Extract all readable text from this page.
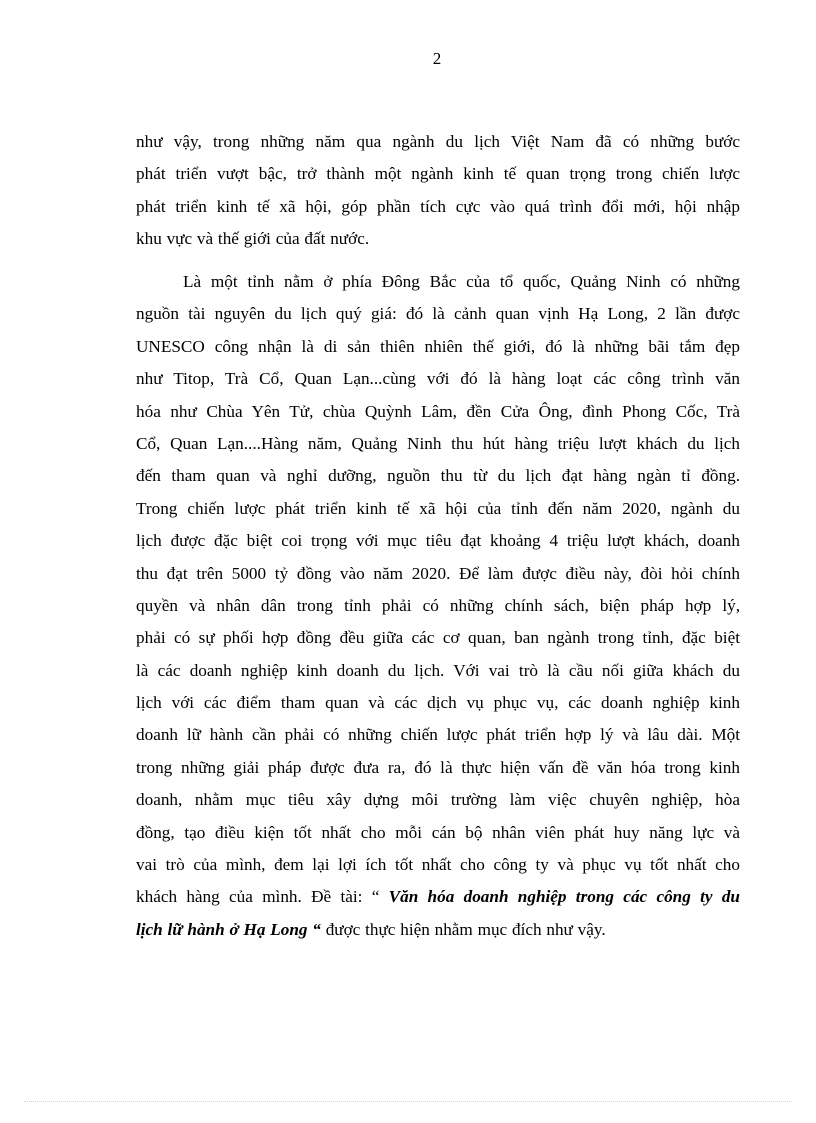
2
như vậy, trong những năm qua ngành du lịch Việt Nam đã có những bước
phát triển vượt bậc, trở thành một ngành kinh tế quan trọng trong chiến lược
phát triển kinh tế xã hội, góp phần tích cực vào quá trình đổi mới, hội nhập
khu vực và thế giới của đất nước.
Là một tỉnh nằm ở phía Đông Bắc của tổ quốc, Quảng Ninh có những
nguồn tài nguyên du lịch quý giá: đó là cảnh quan vịnh Hạ Long, 2 lần được
UNESCO công nhận là di sản thiên nhiên thế giới, đó là những bãi tắm đẹp
như Titop, Trà Cổ, Quan Lạn...cùng với đó là hàng loạt các công trình văn
hóa như Chùa Yên Tử, chùa Quỳnh Lâm, đền Cửa Ông, đình Phong Cốc, Trà
Cổ, Quan Lạn....Hàng năm, Quảng Ninh thu hút hàng triệu lượt khách du lịch
đến tham quan và nghỉ dưỡng, nguồn thu từ du lịch đạt hàng ngàn tỉ đồng.
Trong chiến lược phát triển kinh tế xã hội của tỉnh đến năm 2020, ngành du
lịch được đặc biệt coi trọng với mục tiêu đạt khoảng 4 triệu lượt khách, doanh
thu đạt trên 5000 tỷ đồng vào năm 2020. Để làm được điều này, đòi hỏi chính
quyền và nhân dân trong tỉnh phải có những chính sách, biện pháp hợp lý,
phải có sự phối hợp đồng đều giữa các cơ quan, ban ngành trong tỉnh, đặc biệt
là các doanh nghiệp kinh doanh du lịch. Với vai trò là cầu nối giữa khách du
lịch với các điểm tham quan và các dịch vụ phục vụ, các doanh nghiệp kinh
doanh lữ hành cần phải có những chiến lược phát triển hợp lý và lâu dài. Một
trong những giải pháp được đưa ra, đó là thực hiện vấn đề văn hóa trong kinh
doanh, nhằm mục tiêu xây dựng môi trường làm việc chuyên nghiệp, hòa
đồng, tạo điều kiện tốt nhất cho mỗi cán bộ nhân viên phát huy năng lực và
vai trò của mình, đem lại lợi ích tốt nhất cho công ty và phục vụ tốt nhất cho
khách hàng của mình. Đề tài: “ Văn hóa doanh nghiệp trong các công ty du
lịch lữ hành ở Hạ Long “ được thực hiện nhằm mục đích như vậy.
